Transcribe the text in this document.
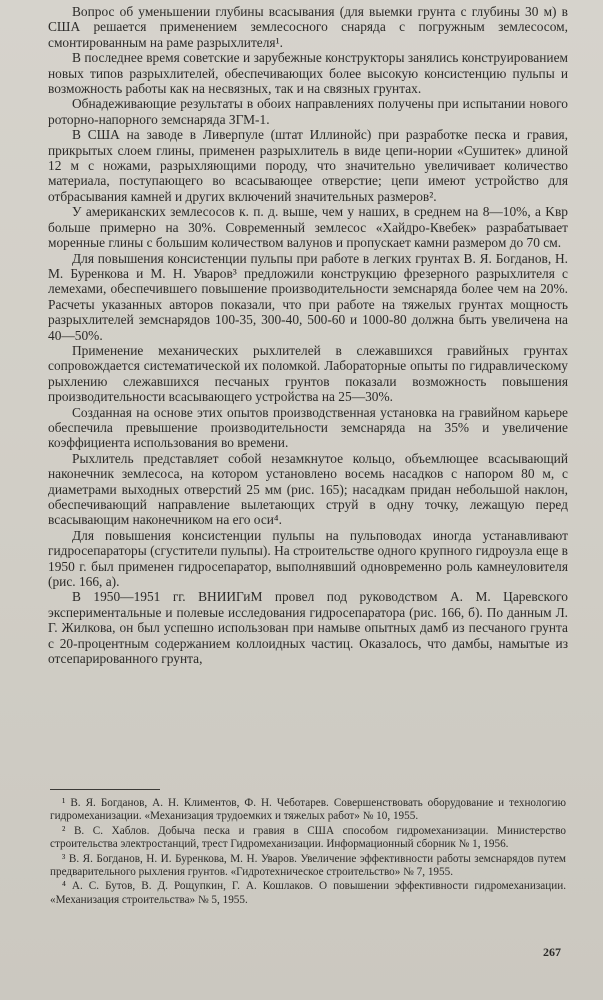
Вопрос об уменьшении глубины всасывания (для выемки грунта с глубины 30 м) в США решается применением землесосного снаряда с погружным землесосом, смонтированным на раме разрыхлителя¹.

В последнее время советские и зарубежные конструкторы занялись конструированием новых типов разрыхлителей, обеспечивающих более высокую консистенцию пульпы и возможность работы как на несвязных, так и на связных грунтах.

Обнадеживающие результаты в обоих направлениях получены при испытании нового роторно-напорного земснаряда ЗГМ-1.

В США на заводе в Ливерпуле (штат Иллинойс) при разработке песка и гравия, прикрытых слоем глины, применен разрыхлитель в виде цепи-нории «Сушитек» длиной 12 м с ножами, разрыхляющими породу, что значительно увеличивает количество материала, поступающего во всасывающее отверстие; цепи имеют устройство для отбрасывания камней и других включений значительных размеров².

У американских землесосов к. п. д. выше, чем у наших, в среднем на 8—10%, а Kвр больше примерно на 30%. Современный землесос «Хайдро-Квебек» разрабатывает моренные глины с большим количеством валунов и пропускает камни размером до 70 см.

Для повышения консистенции пульпы при работе в легких грунтах В. Я. Богданов, Н. М. Буренкова и М. Н. Уваров³ предложили конструкцию фрезерного разрыхлителя с лемехами, обеспечившего повышение производительности земснаряда более чем на 20%. Расчеты указанных авторов показали, что при работе на тяжелых грунтах мощность разрыхлителей земснарядов 100-35, 300-40, 500-60 и 1000-80 должна быть увеличена на 40—50%.

Применение механических рыхлителей в слежавшихся гравийных грунтах сопровождается систематической их поломкой. Лабораторные опыты по гидравлическому рыхлению слежавшихся песчаных грунтов показали возможность повышения производительности всасывающего устройства на 25—30%.

Созданная на основе этих опытов производственная установка на гравийном карьере обеспечила превышение производительности земснаряда на 35% и увеличение коэффициента использования во времени.

Рыхлитель представляет собой незамкнутое кольцо, объемлющее всасывающий наконечник землесоса, на котором установлено восемь насадков с напором 80 м, с диаметрами выходных отверстий 25 мм (рис. 165); насадкам придан небольшой наклон, обеспечивающий направление вылетающих струй в одну точку, лежащую перед всасывающим наконечником на его оси⁴.

Для повышения консистенции пульпы на пульповодах иногда устанавливают гидросепараторы (сгустители пульпы). На строительстве одного крупного гидроузла еще в 1950 г. был применен гидросепаратор, выполнявший одновременно роль камнеуловителя (рис. 166, а).

В 1950—1951 гг. ВНИИГиМ провел под руководством А. М. Царевского экспериментальные и полевые исследования гидросепаратора (рис. 166, б). По данным Л. Г. Жилкова, он был успешно использован при намыве опытных дамб из песчаного грунта с 20-процентным содержанием коллоидных частиц. Оказалось, что дамбы, намытые из отсепарированного грунта,

¹ В. Я. Богданов, А. Н. Климентов, Ф. Н. Чеботарев. Совершенствовать оборудование и технологию гидромеханизации. «Механизация трудоемких и тяжелых работ» № 10, 1955.

² В. С. Хаблов. Добыча песка и гравия в США способом гидромеханизации. Министерство строительства электростанций, трест Гидромеханизации. Информационный сборник № 1, 1956.

³ В. Я. Богданов, Н. И. Буренкова, М. Н. Уваров. Увеличение эффективности работы земснарядов путем предварительного рыхления грунтов. «Гидротехническое строительство» № 7, 1955.

⁴ А. С. Бутов, В. Д. Рощупкин, Г. А. Кошлаков. О повышении эффективности гидромеханизации. «Механизация строительства» № 5, 1955.

267
